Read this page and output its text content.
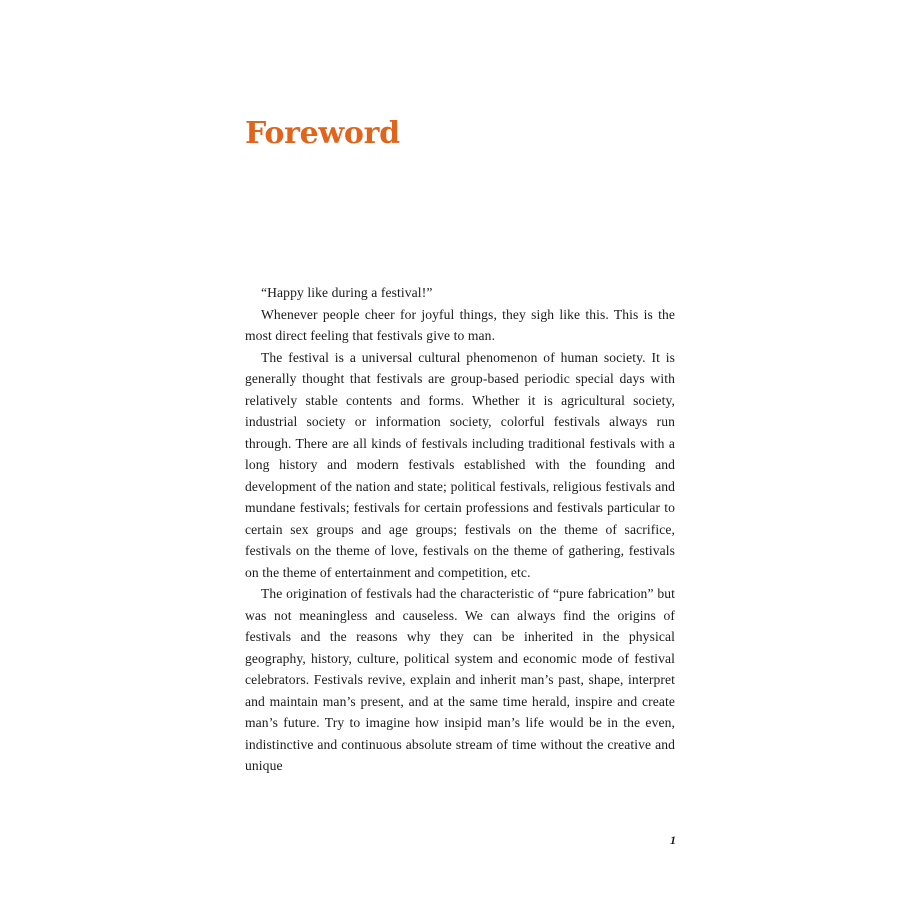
Foreword

“Happy like during a festival!”

Whenever people cheer for joyful things, they sigh like this. This is the most direct feeling that festivals give to man.

The festival is a universal cultural phenomenon of human society. It is generally thought that festivals are group-based periodic special days with relatively stable contents and forms. Whether it is agricultural society, industrial society or information society, colorful festivals always run through. There are all kinds of festivals including traditional festivals with a long history and modern festivals established with the founding and development of the nation and state; political festivals, religious festivals and mundane festivals; festivals for certain professions and festivals particular to certain sex groups and age groups; festivals on the theme of sacrifice, festivals on the theme of love, festivals on the theme of gathering, festivals on the theme of entertainment and competition, etc.

The origination of festivals had the characteristic of “pure fabrication” but was not meaningless and causeless. We can always find the origins of festivals and the reasons why they can be inherited in the physical geography, history, culture, political system and economic mode of festival celebrators. Festivals revive, explain and inherit man’s past, shape, interpret and maintain man’s present, and at the same time herald, inspire and create man’s future. Try to imagine how insipid man’s life would be in the even, indistinctive and continuous absolute stream of time without the creative and unique

1
